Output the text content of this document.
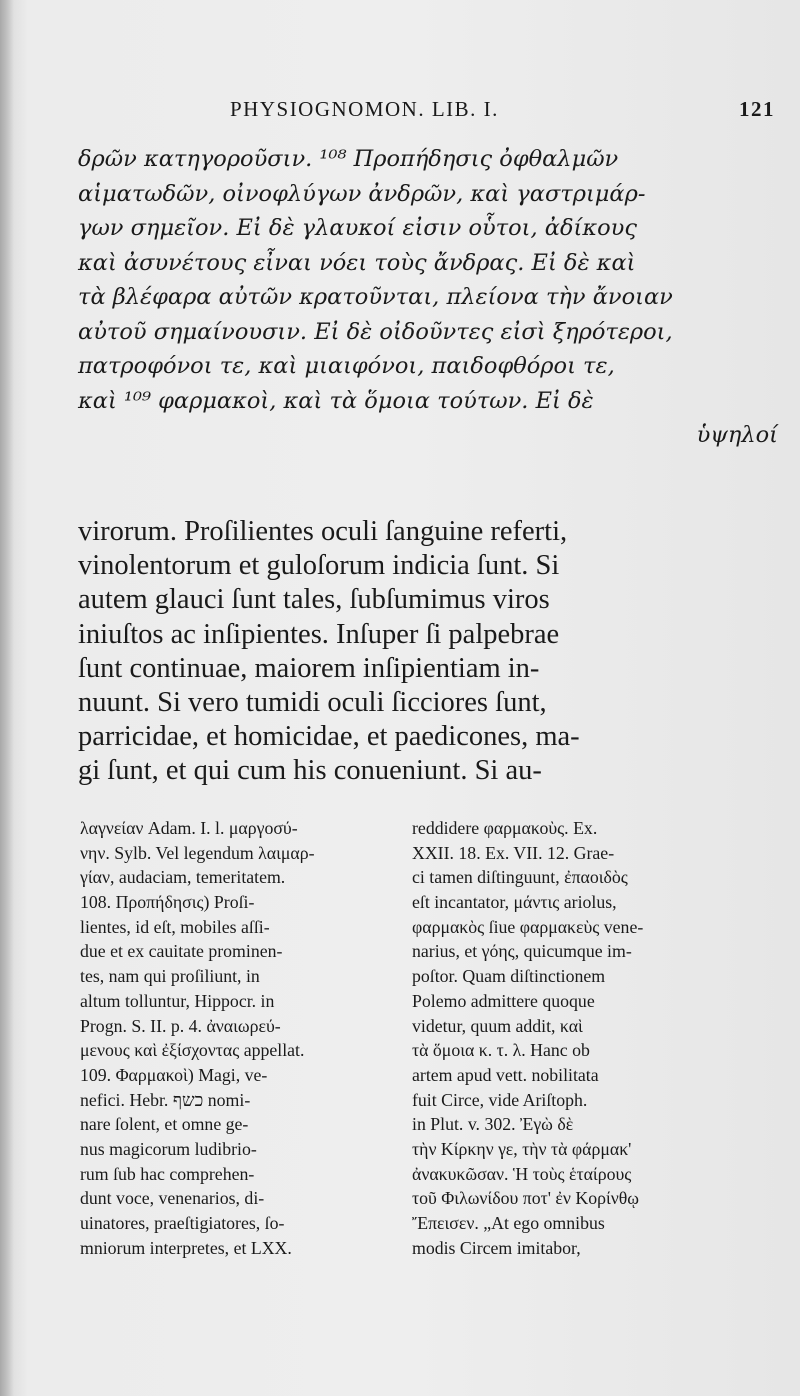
PHYSIOGNOMON. LIB. I.	121
δρῶν κατηγοροῦσιν. ¹⁰⁸ Προπήδησις ὀφθαλμῶν
αἱματωδῶν, οἰνοφλύγων ἀνδρῶν, καὶ γαστριμάρ-
γων σημεῖον. Εἰ δὲ γλαυκοί εἰσιν οὗτοι, ἀδίκους
καὶ ἀσυνέτους εἶναι νόει τοὺς ἄνδρας. Εἰ δὲ καὶ
τὰ βλέφαρα αὐτῶν κρατοῦνται, πλείονα τὴν ἄνοιαν
αὐτοῦ σημαίνουσιν. Εἰ δὲ οἰδοῦντες εἰσὶ ξηρότεροι,
πατροφόνοι τε, καὶ μιαιφόνοι, παιδοφθόροι τε,
καὶ ¹⁰⁹ φαρμακοὶ, καὶ τὰ ὅμοια τούτων. Εἰ δὲ
ὑψηλοί
virorum. Proſilientes oculi ſanguine referti,
vinolentorum et guloſorum indicia ſunt. Si
autem glauci ſunt tales, ſubſumimus viros
iniuſtos ac inſipientes. Inſuper ſi palpebrae
ſunt continuae, maiorem inſipientiam in-
nuunt. Si vero tumidi oculi ſicciores ſunt,
parricidae, et homicidae, et paedicones, ma-
gi ſunt, et qui cum his conueniunt. Si au-
λαγνείαν Adam. I. l. μαργοσύ-
νην. Sylb. Vel legendum λαιμαρ-
γίαν, audaciam, temeritatem.
108. Προπήδησις) Proſi-
lientes, id eſt, mobiles aſſi-
due et ex cauitate prominen-
tes, nam qui proſiliunt, in
altum tolluntur, Hippocr. in
Progn. S. II. p. 4. ἀναιωρεύ-
μενους καὶ ἐξίσχοντας appellat.
109. Φαρμακοὶ) Magi, ve-
nefici. Hebr. כשף nomi-
nare ſolent, et omne ge-
nus magicorum ludibrio-
rum ſub hac comprehen-
dunt voce, venenarios, di-
uinatores, praeſtigiatores, ſo-
mniorum interpretes, et LXX.
reddidere φαρμακοὺς. Ex.
XXII. 18. Ex. VII. 12. Grae-
ci tamen diſtinguunt, ἐπαοιδὸς
eſt incantator, μάντις ariolus,
φαρμακὸς ſiue φαρμακεὺς vene-
narius, et γόης, quicumque im-
poſtor. Quam diſtinctionem
Polemo admittere quoque
videtur, quum addit, καὶ
τὰ ὅμοια κ. τ. λ. Hanc ob
artem apud vett. nobilitata
fuit Circe, vide Ariſtoph.
in Plut. v. 302. Ἐγὼ δὲ
τὴν Κίρκην γε, τὴν τὰ φάρμακ'
ἀνακυκῶσαν. Ἡ τοὺς ἑταίρους
τοῦ Φιλωνίδου ποτ' ἐν Κορίνθῳ
Ἔπεισεν. „At ego omnibus
modis Circem imitabor,
